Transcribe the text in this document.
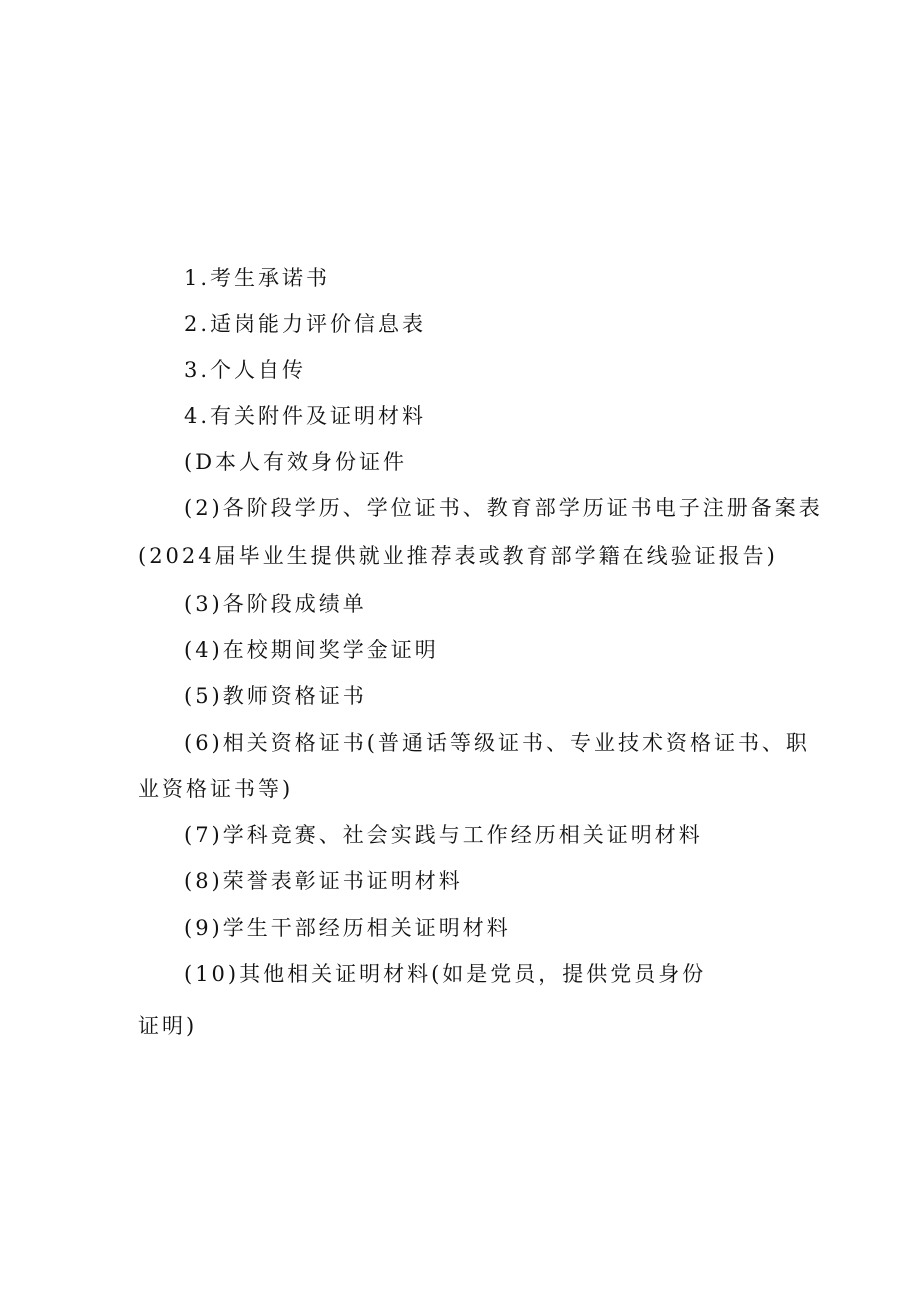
1.考生承诺书
2.适岗能力评价信息表
3.个人自传
4.有关附件及证明材料
(D本人有效身份证件
(2)各阶段学历、学位证书、教育部学历证书电子注册备案表
(2024届毕业生提供就业推荐表或教育部学籍在线验证报告)
(3)各阶段成绩单
(4)在校期间奖学金证明
(5)教师资格证书
(6)相关资格证书(普通话等级证书、专业技术资格证书、职
业资格证书等)
(7)学科竞赛、社会实践与工作经历相关证明材料
(8)荣誉表彰证书证明材料
(9)学生干部经历相关证明材料
(10)其他相关证明材料(如是党员，提供党员身份
证明)
